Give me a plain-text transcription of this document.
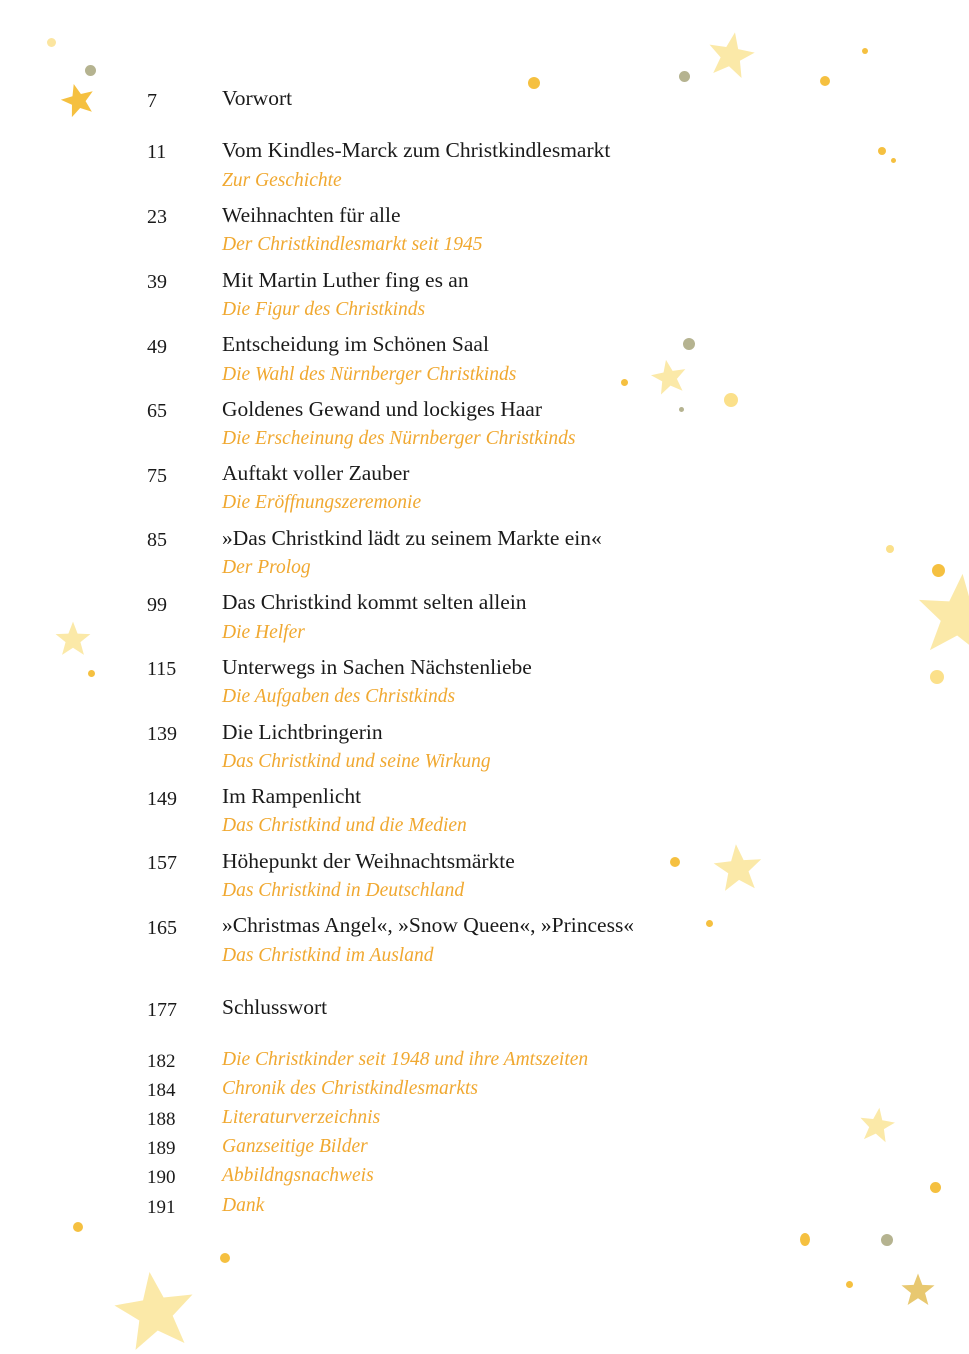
7	Vorwort
11	Vom Kindles-Marck zum Christkindlesmarkt
Zur Geschichte
23	Weihnachten für alle
Der Christkindlesmarkt seit 1945
39	Mit Martin Luther fing es an
Die Figur des Christkinds
49	Entscheidung im Schönen Saal
Die Wahl des Nürnberger Christkinds
65	Goldenes Gewand und lockiges Haar
Die Erscheinung des Nürnberger Christkinds
75	Auftakt voller Zauber
Die Eröffnungszeremonie
85	»Das Christkind lädt zu seinem Markte ein«
Der Prolog
99	Das Christkind kommt selten allein
Die Helfer
115 Unterwegs in Sachen Nächstenliebe
Die Aufgaben des Christkinds
139 Die Lichtbringerin
Das Christkind und seine Wirkung
149 Im Rampenlicht
Das Christkind und die Medien
157 Höhepunkt der Weihnachtsmärkte
Das Christkind in Deutschland
165 »Christmas Angel«, »Snow Queen«, »Princess«
Das Christkind im Ausland
177 Schlusswort
182 Die Christkinder seit 1948 und ihre Amtszeiten
184 Chronik des Christkindlesmarkts
188 Literaturverzeichnis
189 Ganzseitige Bilder
190 Abbildngsnachweis
191 Dank
